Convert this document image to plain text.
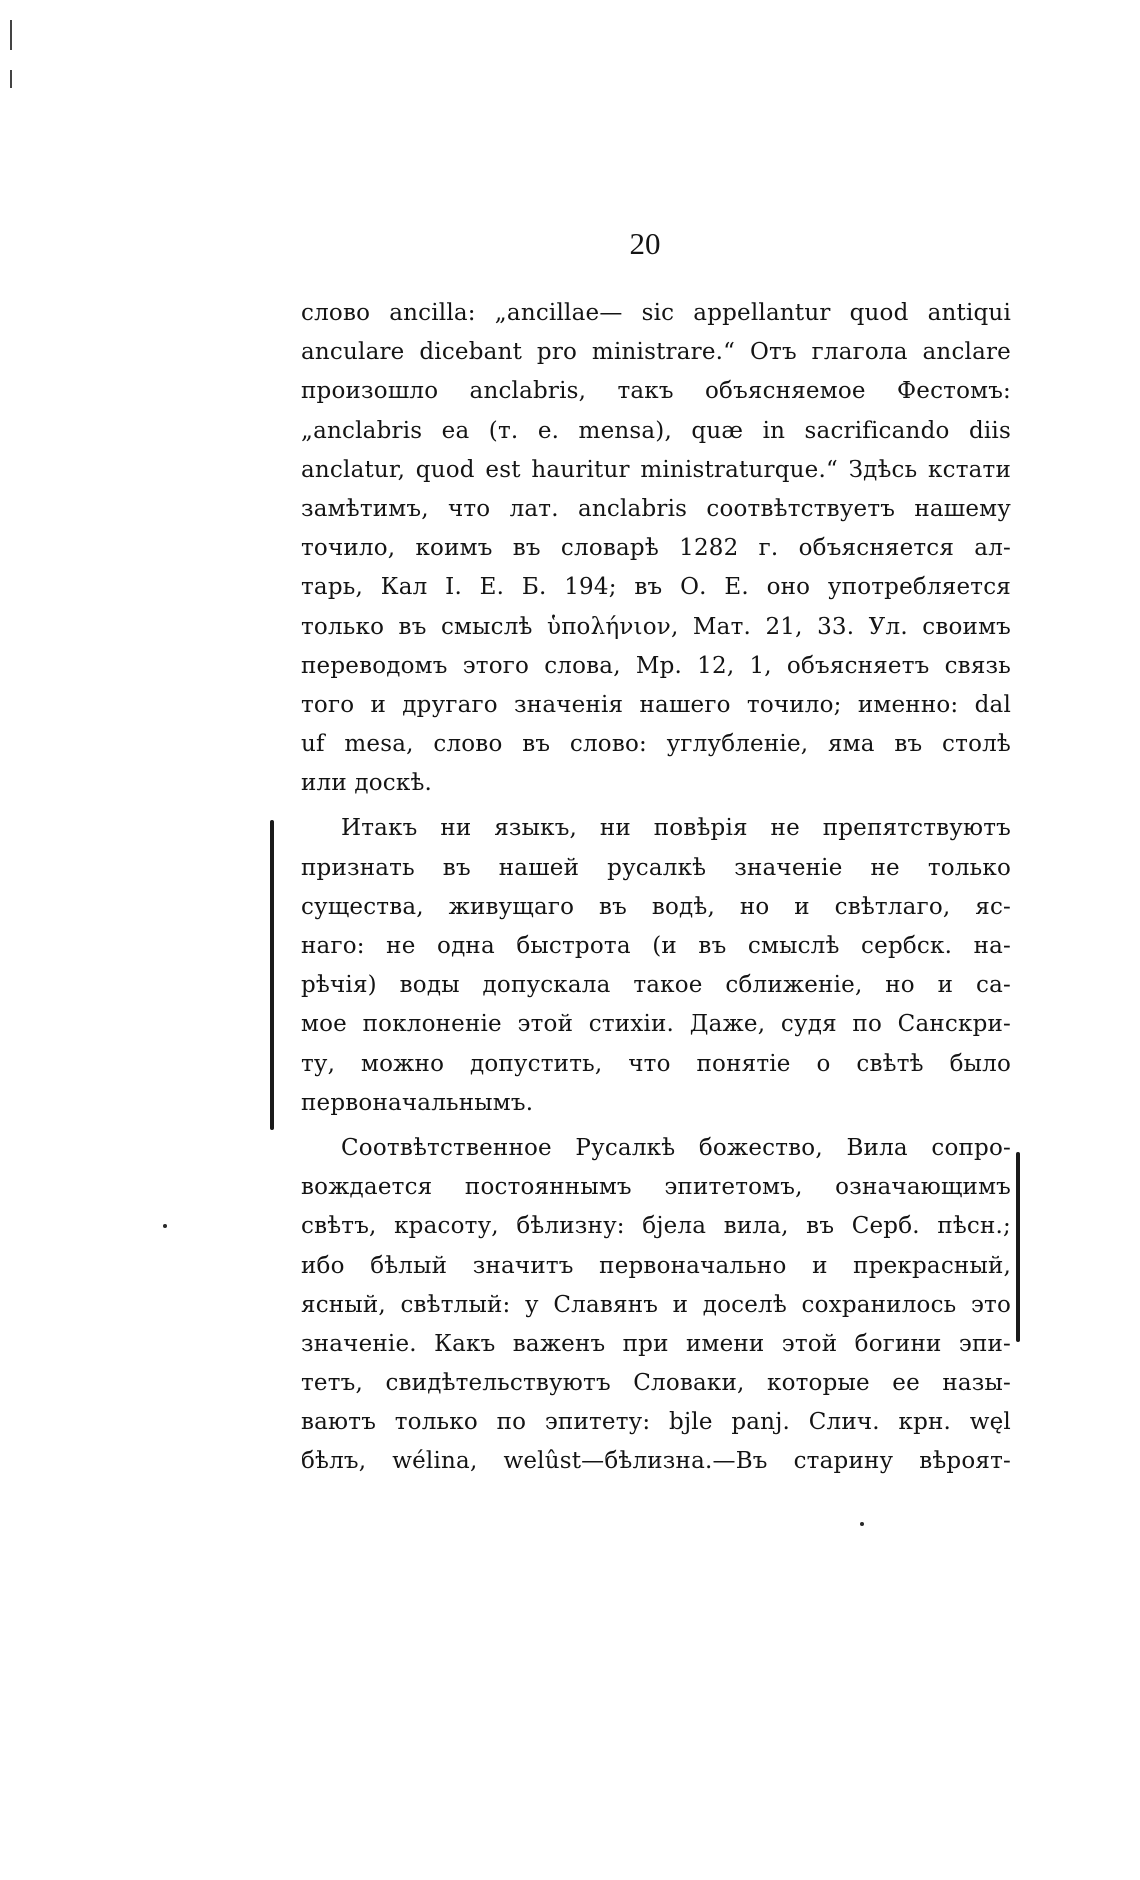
20
слово ancilla: „ancillae— sic appellantur quod antiqui
anculare dicebant pro ministrare.“ Отъ глагола anclare
произошло anclabris, такъ объясняемое Фестомъ:
„anclabris ea (т. е. mensa), quæ in sacrificando diis
anclatur, quod est hauritur ministraturque.“ Здѣсь кстати
замѣтимъ, что лат. anclabris соотвѣтствуетъ нашему
точило, коимъ въ словарѣ 1282 г. объясняется ал-
тарь, Кал І. Е. Б. 194; въ О. Е. оно употребляется
только въ смыслѣ ὑπολήνιον, Мат. 21, 33. Ул. своимъ
переводомъ этого слова, Мр. 12, 1, объясняетъ связь
того и другаго значенія нашего точило; именно: dal
uf mesa, слово въ слово: углубленіе, яма въ столѣ
или доскѣ.
Итакъ ни языкъ, ни повѣрія не препятствуютъ
признать въ нашей русалкѣ значеніе не только
существа, живущаго въ водѣ, но и свѣтлаго, яс-
наго: не одна быстрота (и въ смыслѣ сербск. на-
рѣчія) воды допускала такое сближеніе, но и са-
мое поклоненіе этой стихіи. Даже, судя по Санскри-
ту, можно допустить, что понятіе о свѣтѣ было
первоначальнымъ.
Соотвѣтственное Русалкѣ божество, Вила сопро-
вождается постояннымъ эпитетомъ, означающимъ
свѣтъ, красоту, бѣлизну: бјела вила, въ Серб. пѣсн.;
ибо бѣлый значитъ первоначально и прекрасный,
ясный, свѣтлый: у Славянъ и доселѣ сохранилось это
значеніе. Какъ важенъ при имени этой богини эпи-
тетъ, свидѣтельствуютъ Словаки, которые ее назы-
ваютъ только по эпитету: bjle panj. Слич. крн. węl
бѣлъ, wélina, welûst—бѣлизна.—Въ старину вѣроят-
